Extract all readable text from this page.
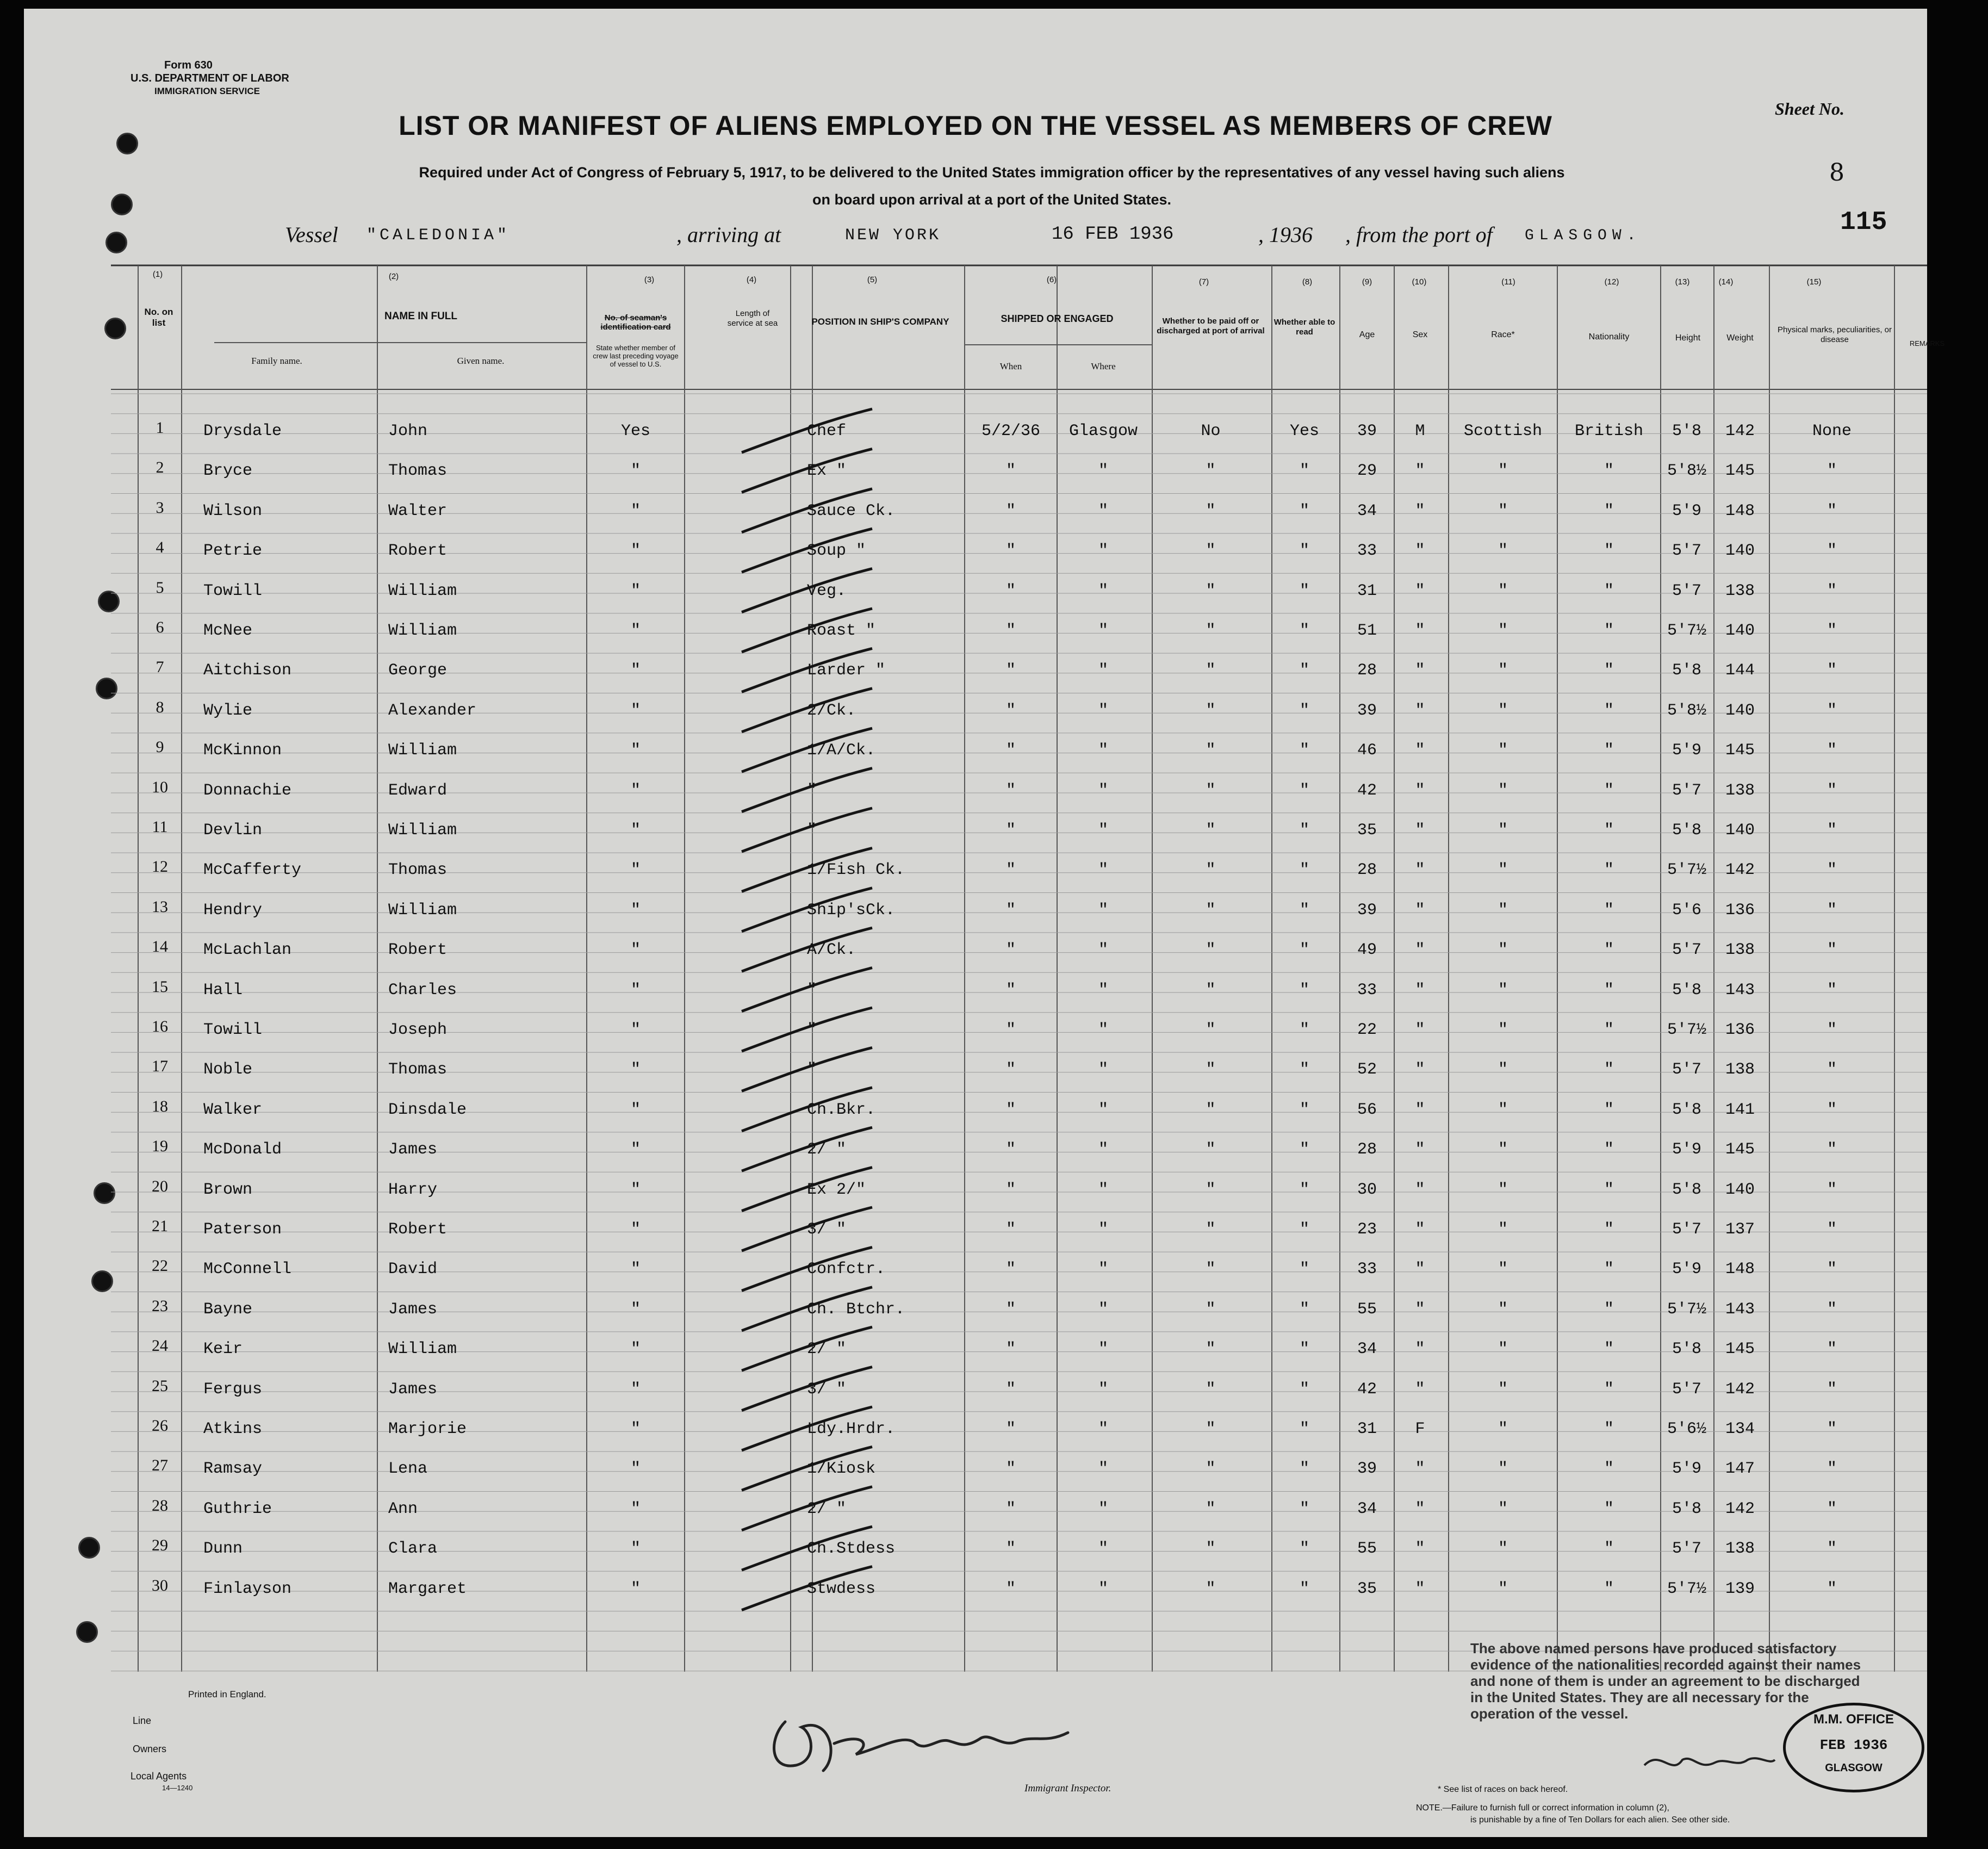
Form 630
U.S. DEPARTMENT OF LABOR
IMMIGRATION SERVICE
Sheet No.
8
115
LIST OR MANIFEST OF ALIENS EMPLOYED ON THE VESSEL AS MEMBERS OF CREW
Required under Act of Congress of February 5, 1917, to be delivered to the United States immigration officer by the representatives of any vessel having such aliens
on board upon arrival at a port of the United States.
Vessel "CALEDONIA"	, arriving at	NEW YORK	16 FEB 1936	, 1936 , from the port of GLASGOW.
(1)	(2)	(3)	(4)	(5)	(6)	(7)	(8)	(9)	(10)	(11)	(12)	(13)	(14)	(15)
No. on list
NAME IN FULL
Family name.	Given name.
No. of seaman's identification card
State whether member of crew last preceding voyage of vessel to U.S.
Length of service at sea	POSITION IN SHIP'S COMPANY	SHIPPED OR ENGAGED
When	Where
Whether to be paid off or discharged at port of arrival
Whether able to read	Age	Sex	Race*	Nationality	Height	Weight
Physical marks, peculiarities, or disease	REMARKS
1	Drysdale	John	Yes	Chef	5/2/36	Glasgow	No	Yes	39	M	Scottish	British	5'8	142	None
2	Bryce	Thomas	"	Ex "	"	"	"	"	29	"	"	"	5'8½	145	"
3	Wilson	Walter	"	Sauce Ck.	"	"	"	"	34	"	"	"	5'9	148	"
4	Petrie	Robert	"	Soup "	"	"	"	"	33	"	"	"	5'7	140	"
5	Towill	William	"	Veg.	"	"	"	"	31	"	"	"	5'7	138	"
6	McNee	William	"	Roast "	"	"	"	"	51	"	"	"	5'7½	140	"
7	Aitchison	George	"	Larder "	"	"	"	"	28	"	"	"	5'8	144	"
8	Wylie	Alexander	"	2/Ck.	"	"	"	"	39	"	"	"	5'8½	140	"
9	McKinnon	William	"	1/A/Ck.	"	"	"	"	46	"	"	"	5'9	145	"
10	Donnachie	Edward	"	"	"	"	"	"	42	"	"	"	5'7	138	"
11	Devlin	William	"	"	"	"	"	"	35	"	"	"	5'8	140	"
12	McCafferty	Thomas	"	1/Fish Ck.	"	"	"	"	28	"	"	"	5'7½	142	"
13	Hendry	William	"	Ship'sCk.	"	"	"	"	39	"	"	"	5'6	136	"
14	McLachlan	Robert	"	A/Ck.	"	"	"	"	49	"	"	"	5'7	138	"
15	Hall	Charles	"	"	"	"	"	"	33	"	"	"	5'8	143	"
16	Towill	Joseph	"	"	"	"	"	"	22	"	"	"	5'7½	136	"
17	Noble	Thomas	"	"	"	"	"	"	52	"	"	"	5'7	138	"
18	Walker	Dinsdale	"	Ch.Bkr.	"	"	"	"	56	"	"	"	5'8	141	"
19	McDonald	James	"	2/ "	"	"	"	"	28	"	"	"	5'9	145	"
20	Brown	Harry	"	Ex 2/"	"	"	"	"	30	"	"	"	5'8	140	"
21	Paterson	Robert	"	3/ "	"	"	"	"	23	"	"	"	5'7	137	"
22	McConnell	David	"	Confctr.	"	"	"	"	33	"	"	"	5'9	148	"
23	Bayne	James	"	Ch. Btchr.	"	"	"	"	55	"	"	"	5'7½	143	"
24	Keir	William	"	2/ "	"	"	"	"	34	"	"	"	5'8	145	"
25	Fergus	James	"	3/ "	"	"	"	"	42	"	"	"	5'7	142	"
26	Atkins	Marjorie	"	Ldy.Hrdr.	"	"	"	"	31	F	"	"	5'6½	134	"
27	Ramsay	Lena	"	1/Kiosk	"	"	"	"	39	"	"	"	5'9	147	"
28	Guthrie	Ann	"	2/ "	"	"	"	"	34	"	"	"	5'8	142	"
29	Dunn	Clara	"	Ch.Stdess	"	"	"	"	55	"	"	"	5'7	138	"
30	Finlayson	Margaret	"	Stwdess	"	"	"	"	35	"	"	"	5'7½	139	"
Printed in England.
Line
Owners
Local Agents
14—1240	Immigrant Inspector.	* See list of races on back hereof.
NOTE.—Failure to furnish full or correct information in column (2),
is punishable by a fine of Ten Dollars for each alien. See other side.
The above named persons have produced satisfactory evidence of the nationalities recorded against their names and none of them is under an agreement to be discharged in the United States. They are all necessary for the operation of the vessel.	M.M. OFFICE
FEB 1936
GLASGOW
